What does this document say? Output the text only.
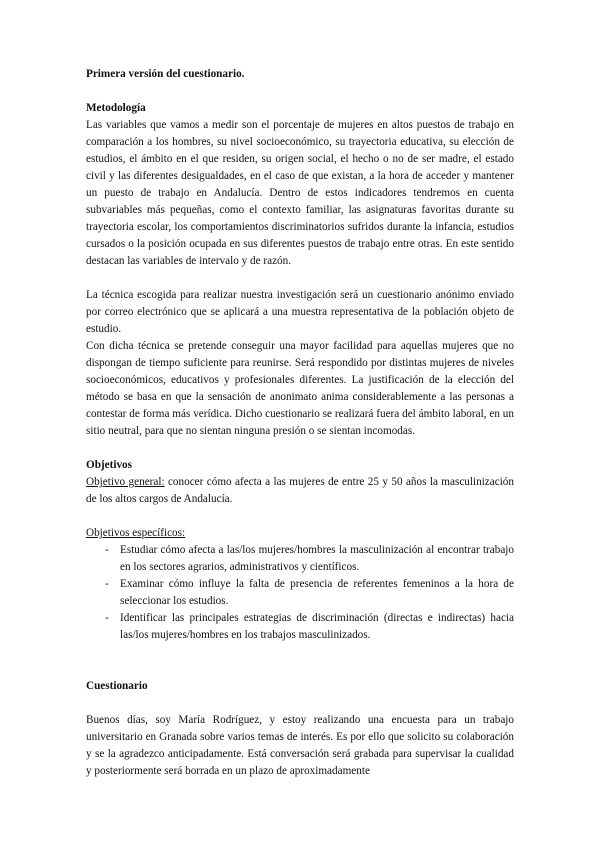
Primera versión del cuestionario.

Metodología

Las variables que vamos a medir son el porcentaje de mujeres en altos puestos de trabajo en comparación a los hombres, su nivel socioeconómico, su trayectoria educativa, su elección de estudios, el ámbito en el que residen, su origen social, el hecho o no de ser madre, el estado civil y las diferentes desigualdades, en el caso de que existan, a la hora de acceder y mantener un puesto de trabajo en Andalucía. Dentro de estos indicadores tendremos en cuenta subvariables más pequeñas, como el contexto familiar, las asignaturas favoritas durante su trayectoria escolar, los comportamientos discriminatorios sufridos durante la infancia, estudios cursados o la posición ocupada en sus diferentes puestos de trabajo entre otras. En este sentido destacan las variables de intervalo y de razón.

La técnica escogida para realizar nuestra investigación será un cuestionario anónimo enviado por correo electrónico que se aplicará a una muestra representativa de la población objeto de estudio.

Con dicha técnica se pretende conseguir una mayor facilidad para aquellas mujeres que no dispongan de tiempo suficiente para reunirse. Será respondido por distintas mujeres de niveles socioeconómicos, educativos y profesionales diferentes. La justificación de la elección del método se basa en que la sensación de anonimato anima considerablemente a las personas a contestar de forma más verídica. Dicho cuestionario se realizará fuera del ámbito laboral, en un sitio neutral, para que no sientan ninguna presión o se sientan incomodas.

Objetivos

Objetivo general: conocer cómo afecta a las mujeres de entre 25 y 50 años la masculinización de los altos cargos de Andalucía.

Objetivos específicos:

- Estudiar cómo afecta a las/los mujeres/hombres la masculinización al encontrar trabajo en los sectores agrarios, administrativos y científicos.
- Examinar cómo influye la falta de presencia de referentes femeninos a la hora de seleccionar los estudios.
- Identificar las principales estrategias de discriminación (directas e indirectas) hacia las/los mujeres/hombres en los trabajos masculinizados.

Cuestionario

Buenos días, soy María Rodríguez, y estoy realizando una encuesta para un trabajo universitario en Granada sobre varios temas de interés. Es por ello que solicito su colaboración y se la agradezco anticipadamente. Está conversación será grabada para supervisar la cualidad y posteriormente será borrada en un plazo de aproximadamente
